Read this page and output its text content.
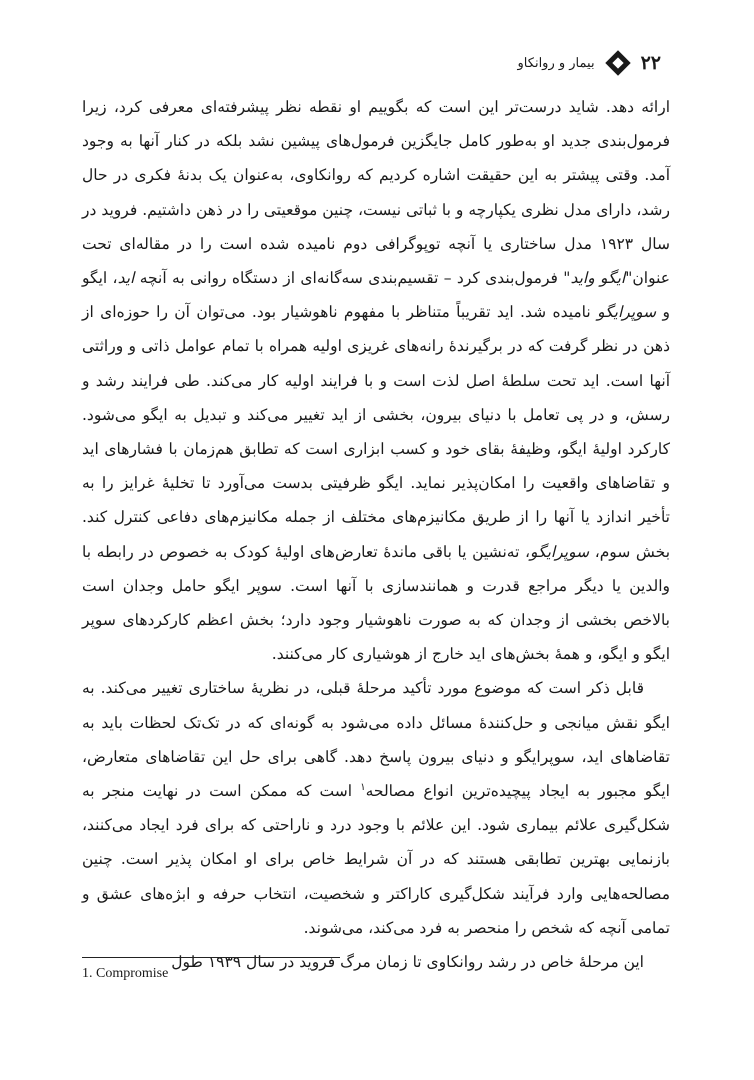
۲۲
بیمار و روانکاو

ارائه دهد. شاید درست‌تر این است که بگوییم او نقطه نظر پیشرفته‌ای معرفی کرد، زیرا فرمول‌بندی جدید او به‌طور کامل جایگزین فرمول‌های پیشین نشد بلکه در کنار آنها به وجود آمد. وقتی پیشتر به این حقیقت اشاره کردیم که روانکاوی، به‌عنوان یک بدنهٔ فکری در حال رشد، دارای مدل نظری یکپارچه و با ثباتی نیست، چنین موقعیتی را در ذهن داشتیم. فروید در سال ۱۹۲۳ مدل ساختاری یا آنچه توپوگرافی دوم نامیده شده است را در مقاله‌ای تحت عنوان"ایگو واید" فرمول‌بندی کرد – تقسیم‌بندی سه‌گانه‌ای از دستگاه روانی به آنچه اید، ایگو و سوپرایگو نامیده شد. اید تقریباً متناظر با مفهوم ناهوشیار بود. می‌توان آن را حوزه‌ای از ذهن در نظر گرفت که در برگیرندهٔ رانه‌های غریزی اولیه همراه با تمام عوامل ذاتی و وراثتی آنها است. اید تحت سلطهٔ اصل لذت است و با فرایند اولیه کار می‌کند. طی فرایند رشد و رسش، و در پی تعامل با دنیای بیرون، بخشی از اید تغییر می‌کند و تبدیل به ایگو می‌شود. کارکرد اولیهٔ ایگو، وظیفهٔ بقای خود و کسب ابزاری است که تطابق هم‌زمان با فشارهای اید و تقاضاهای واقعیت را امکان‌پذیر نماید. ایگو ظرفیتی بدست می‌آورد تا تخلیهٔ غرایز را به تأخیر اندازد یا آنها را از طریق مکانیزم‌های مختلف از جمله مکانیزم‌های دفاعی کنترل کند. بخش سوم، سوپرایگو، ته‌نشین یا باقی ماندهٔ تعارض‌های اولیهٔ کودک به خصوص در رابطه با والدین یا دیگر مراجع قدرت و همانندسازی با آنها است. سوپر ایگو حامل وجدان است بالاخص بخشی از وجدان که به صورت ناهوشیار وجود دارد؛ بخش اعظم کارکردهای سوپر ایگو و ایگو، و همهٔ بخش‌های اید خارج از هوشیاری کار می‌کنند.

قابل ذکر است که موضوع مورد تأکید مرحلهٔ قبلی، در نظریهٔ ساختاری تغییر می‌کند. به ایگو نقش میانجی و حل‌کنندهٔ مسائل داده می‌شود به گونه‌ای که در تک‌تک لحظات باید به تقاضاهای اید، سوپرایگو و دنیای بیرون پاسخ دهد. گاهی برای حل این تقاضاهای متعارض، ایگو مجبور به ایجاد پیچیده‌ترین انواع مصالحه$^۱$ است که ممکن است در نهایت منجر به شکل‌گیری علائم بیماری شود. این علائم با وجود درد و ناراحتی که برای فرد ایجاد می‌کنند، بازنمایی بهترین تطابقی هستند که در آن شرایط خاص برای او امکان پذیر است. چنین مصالحه‌هایی وارد فرآیند شکل‌گیری کاراکتر و شخصیت، انتخاب حرفه و ابژه‌های عشق و تمامی آنچه که شخص را منحصر به فرد می‌کند، می‌شوند.

این مرحلهٔ خاص در رشد روانکاوی تا زمان مرگ فروید در سال ۱۹۳۹ طول

1. Compromise
